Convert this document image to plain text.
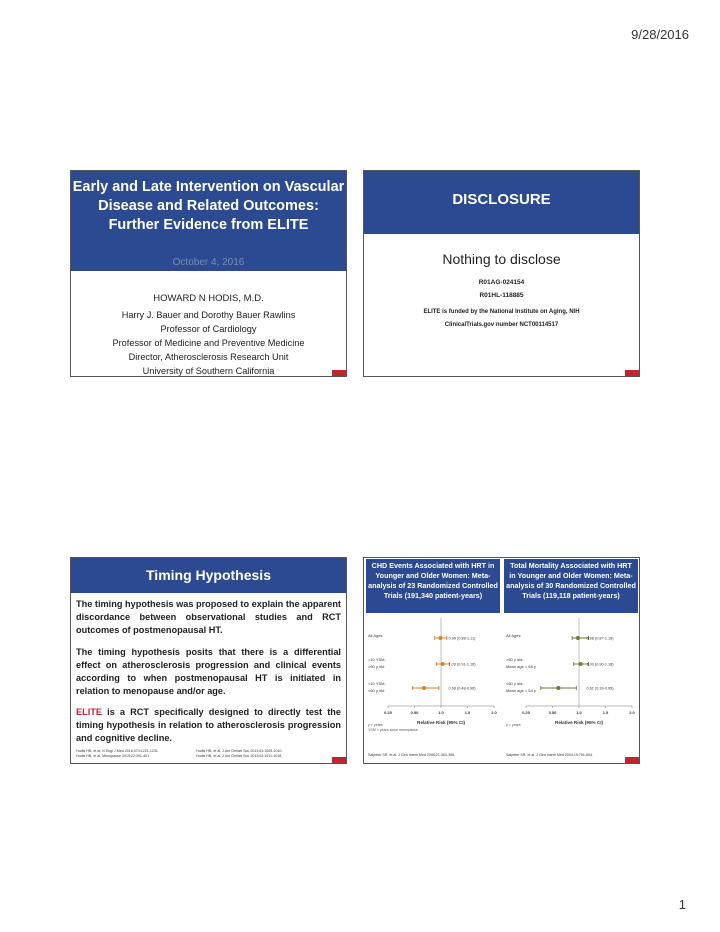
9/28/2016
Early and Late Intervention on Vascular Disease and Related Outcomes: Further Evidence from ELITE
October 4, 2016
HOWARD N HODIS, M.D.
Harry J. Bauer and Dorothy Bauer Rawlins
Professor of Cardiology
Professor of Medicine and Preventive Medicine
Director, Atherosclerosis Research Unit
University of Southern California
DISCLOSURE
Nothing to disclose
R01AG-024154
R01HL-118885
ELITE is funded by the National Institute on Aging, NIH
ClinicalTrials.gov number NCT00114517
Timing Hypothesis
The timing hypothesis was proposed to explain the apparent discordance between observational studies and RCT outcomes of postmenopausal HT.
The timing hypothesis posits that there is a differential effect on atherosclerosis progression and clinical events according to when postmenopausal HT is initiated in relation to menopause and/or age.
ELITE is a RCT specifically designed to directly test the timing hypothesis in relation to atherosclerosis progression and cognitive decline.
Hodis HN, et al. N Engl J Med 2016;374:1221-1231.	Hodis HN, et al. J Am Geriatr Soc 2013;61:1005-1010.
Hodis HN, et al. Menopause 2015;22:391-401.	Hodis HN, et al. J Am Geriatr Soc 2013;61:1011-1018.
CHD Events Associated with HRT in Younger and Older Women: Meta-analysis of 23 Randomized Controlled Trials (191,340 patient-years)
0.25	0.50	1.0	1.5	2.0
Relative Risk (95% CI)
All Ages
0.99 (0.88-1.11)
>10 YSM,
>60 y old	1.03 (0.91-1.16)
<10 YSM,
<60 y old	0.68 (0.48-0.96)
y = years
YSM = years since menopause
Salpeter SR, et al. J Gen Intern Med 2006;21:363-366.
Total Mortality Associated with HRT in Younger and Older Women: Meta-analysis of 30 Randomized Controlled Trials (119,118 patient-years)
0.25	0.50	1.0	1.5	2.0
Relative Risk (95% CI)
All Ages
0.98 (0.87-1.18)
>60 y old,
Mean age = 66 y	1.03 (0.90-1.18)
<60 y old,
Mean age = 54 y	0.61 (0.39-0.95)
y = years
Salpeter SR, et al. J Gen Intern Med 2004;19:791-804.
1
